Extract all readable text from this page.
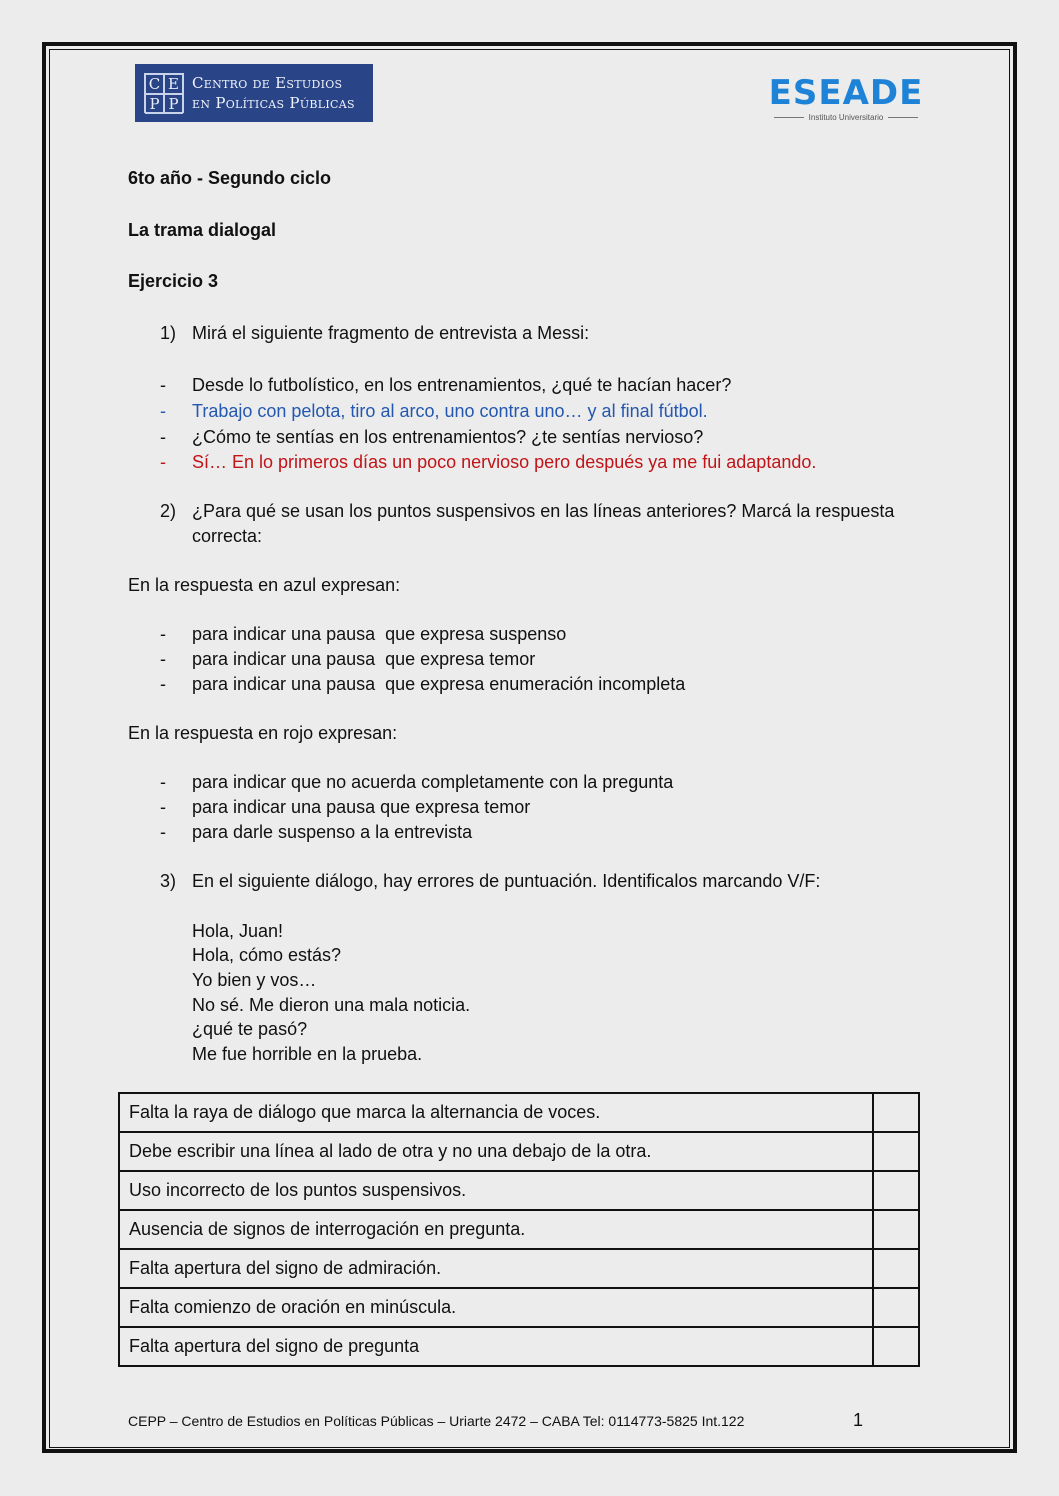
C E
P P
Centro de Estudios
en Políticas Públicas	ESEADE
Instituto Universitario
6to año - Segundo ciclo
La trama dialogal
Ejercicio 3
1) Mirá el siguiente fragmento de entrevista a Messi:
- Desde lo futbolístico, en los entrenamientos, ¿qué te hacían hacer?
- Trabajo con pelota, tiro al arco, uno contra uno… y al final fútbol.
- ¿Cómo te sentías en los entrenamientos? ¿te sentías nervioso?
- Sí… En lo primeros días un poco nervioso pero después ya me fui adaptando.
2) ¿Para qué se usan los puntos suspensivos en las líneas anteriores? Marcá la respuesta
correcta:
En la respuesta en azul expresan:
- para indicar una pausa  que expresa suspenso
- para indicar una pausa  que expresa temor
- para indicar una pausa  que expresa enumeración incompleta
En la respuesta en rojo expresan:
- para indicar que no acuerda completamente con la pregunta
- para indicar una pausa que expresa temor
- para darle suspenso a la entrevista
3) En el siguiente diálogo, hay errores de puntuación. Identificalos marcando V/F:
Hola, Juan!
Hola, cómo estás?
Yo bien y vos…
No sé. Me dieron una mala noticia.
¿qué te pasó?
Me fue horrible en la prueba.
Falta la raya de diálogo que marca la alternancia de voces.	
Debe escribir una línea al lado de otra y no una debajo de la otra.	
Uso incorrecto de los puntos suspensivos.	
Ausencia de signos de interrogación en pregunta.	
Falta apertura del signo de admiración.	
Falta comienzo de oración en minúscula.	
Falta apertura del signo de pregunta	
CEPP – Centro de Estudios en Políticas Públicas – Uriarte 2472 – CABA Tel: 0114773-5825 Int.122	1
